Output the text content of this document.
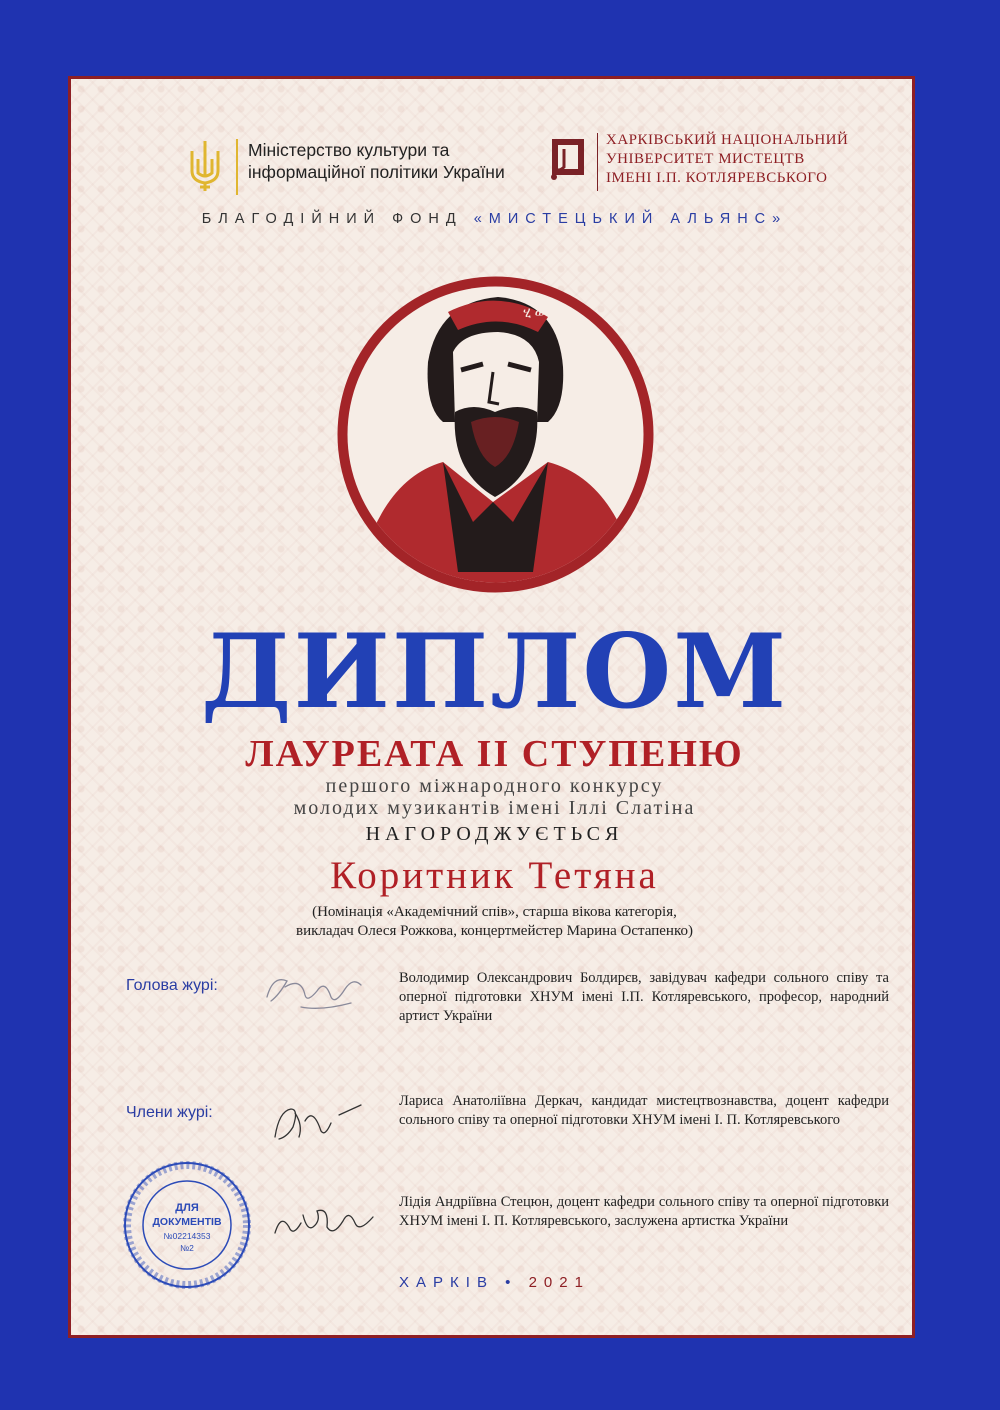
Міністерство культури та
інформаційної політики України
ХАРКІВСЬКИЙ НАЦІОНАЛЬНИЙ
УНІВЕРСИТЕТ МИСТЕЦТВ
ІМЕНІ І.П. КОТЛЯРЕВСЬКОГО
БЛАГОДІЙНИЙ ФОНД «МИСТЕЦЬКИЙ АЛЬЯНС»
ሂ ወ ሮ
ДИПЛОМ
ЛАУРЕАТА ІІ СТУПЕНЮ
першого міжнародного конкурсу
молодих музикантів імені Іллі Слатіна
НАГОРОДЖУЄТЬСЯ
Коритник Тетяна
(Номінація «Академічний спів», старша вікова категорія,
викладач Олеся Рожкова, концертмейстер Марина Остапенко)
Голова журі:	Володимир Олександрович Болдирєв, завідувач кафедри сольного співу та оперної підготовки ХНУМ імені І.П. Котляревського, професор, народний артист України
Члени журі:
Лариса Анатоліївна Деркач, кандидат мистецтвознавства, доцент кафедри сольного співу та оперної підготовки ХНУМ імені І. П. Котляревського
ДЛЯ
ДОКУМЕНТІВ
№02214353
№2
Лідія Андріївна Стецюн, доцент кафедри сольного співу та оперної підготовки ХНУМ імені І. П. Котляревського, заслужена артистка України
ХАРКІВ • 2021
